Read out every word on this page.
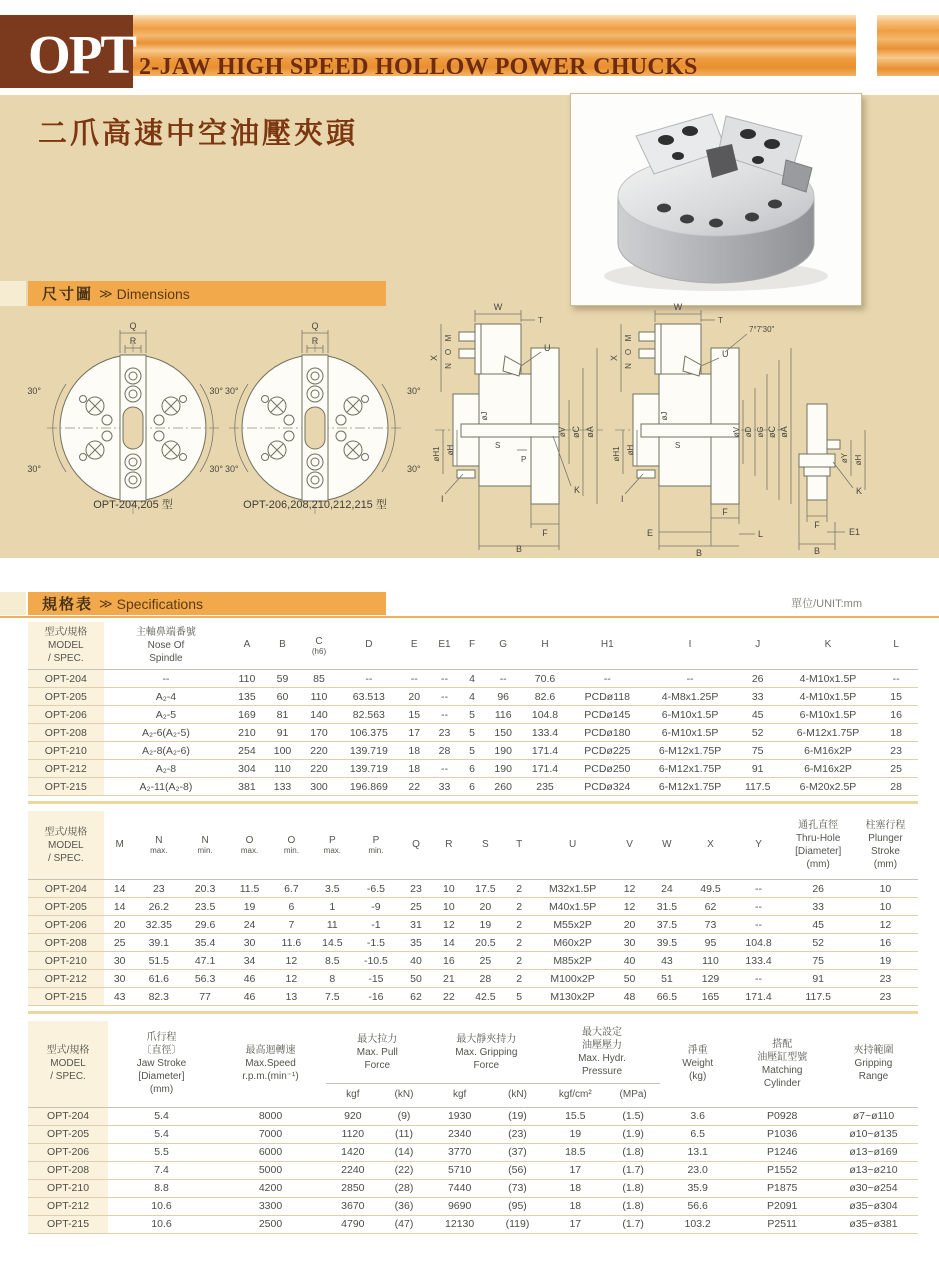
OPT 2-JAW HIGH SPEED HOLLOW POWER CHUCKS
二爪高速中空油壓夾頭
尺寸圖 ≫ Dimensions
Q
R
30°
30°
30°
30°
OPT-204,205 型
Q
R
30°
30°
30°
30°
OPT-206,208,210,212,215 型
W
T
X
M
O
N
øH1 øH
øJ
S
U
P
øV øC øA
I
K
F
B
W
T
X
M
O
N
øH1 øH
øJ
S
7°7'30"
U
øV øD øG øC øA
I
F
E	L
B
øY øH
K
F
E1
B
規格表 ≫ Specifications	單位/UNIT:mm
型式/規格
MODEL
/ SPEC.	主軸鼻端番號
Nose Of
Spindle	A	B	C
(h6)	D	E	E1	F	G	H	H1	I	J	K	L
OPT-204	--	110	59	85	--	--	--	4	--	70.6	--	--	26	4-M10x1.5P	--
OPT-205	A₂-4	135	60	110	63.513	20	--	4	96	82.6	PCDø118	4-M8x1.25P	33	4-M10x1.5P	15
OPT-206	A₂-5	169	81	140	82.563	15	--	5	116	104.8	PCDø145	6-M10x1.5P	45	6-M10x1.5P	16
OPT-208	A₂-6(A₂-5)	210	91	170	106.375	17	23	5	150	133.4	PCDø180	6-M10x1.5P	52	6-M12x1.75P	18
OPT-210	A₂-8(A₂-6)	254	100	220	139.719	18	28	5	190	171.4	PCDø225	6-M12x1.75P	75	6-M16x2P	23
OPT-212	A₂-8	304	110	220	139.719	18	--	6	190	171.4	PCDø250	6-M12x1.75P	91	6-M16x2P	25
OPT-215	A₂-11(A₂-8)	381	133	300	196.869	22	33	6	260	235	PCDø324	6-M12x1.75P	117.5	6-M20x2.5P	28
型式/規格
MODEL
/ SPEC.	M	N
max.	N
min.	O
max.	O
min.	P
max.	P
min.	Q	R	S	T	U	V	W	X	Y	通孔直徑
Thru-Hole
[Diameter]
(mm)	柱塞行程
Plunger
Stroke
(mm)

OPT-204	14	23	20.3	11.5	6.7	3.5	-6.5	23	10	17.5	2	M32x1.5P	12	24	49.5	--	26	10
OPT-205	14	26.2	23.5	19	6	1	-9	25	10	20	2	M40x1.5P	12	31.5	62	--	33	10
OPT-206	20	32.35	29.6	24	7	11	-1	31	12	19	2	M55x2P	20	37.5	73	--	45	12
OPT-208	25	39.1	35.4	30	11.6	14.5	-1.5	35	14	20.5	2	M60x2P	30	39.5	95	104.8	52	16
OPT-210	30	51.5	47.1	34	12	8.5	-10.5	40	16	25	2	M85x2P	40	43	110	133.4	75	19
OPT-212	30	61.6	56.3	46	12	8	-15	50	21	28	2	M100x2P	50	51	129	--	91	23
OPT-215	43	82.3	77	46	13	7.5	-16	62	22	42.5	5	M130x2P	48	66.5	165	171.4	117.5	23
型式/規格
MODEL
/ SPEC.	爪行程
〔直徑〕
Jaw Stroke
[Diameter]
(mm)	最高迴轉速
Max.Speed
r.p.m.(min⁻¹)	最大拉力
Max. Pull
Force		最大靜夾持力
Max. Gripping
Force		最大設定
油壓壓力
Max. Hydr.
Pressure		淨重
Weight
(kg)	搭配
油壓缸型號
Matching
Cylinder	夾持範圍
Gripping
Range

			kgf	(kN)	kgf	(kN)	kgf/cm²	(MPa)			
OPT-204	5.4	8000	920	(9)	1930	(19)	15.5	(1.5)	3.6	P0928	ø7~ø110
OPT-205	5.4	7000	1120	(11)	2340	(23)	19	(1.9)	6.5	P1036	ø10~ø135
OPT-206	5.5	6000	1420	(14)	3770	(37)	18.5	(1.8)	13.1	P1246	ø13~ø169
OPT-208	7.4	5000	2240	(22)	5710	(56)	17	(1.7)	23.0	P1552	ø13~ø210
OPT-210	8.8	4200	2850	(28)	7440	(73)	18	(1.8)	35.9	P1875	ø30~ø254
OPT-212	10.6	3300	3670	(36)	9690	(95)	18	(1.8)	56.6	P2091	ø35~ø304
OPT-215	10.6	2500	4790	(47)	12130	(119)	17	(1.7)	103.2	P2511	ø35~ø381
